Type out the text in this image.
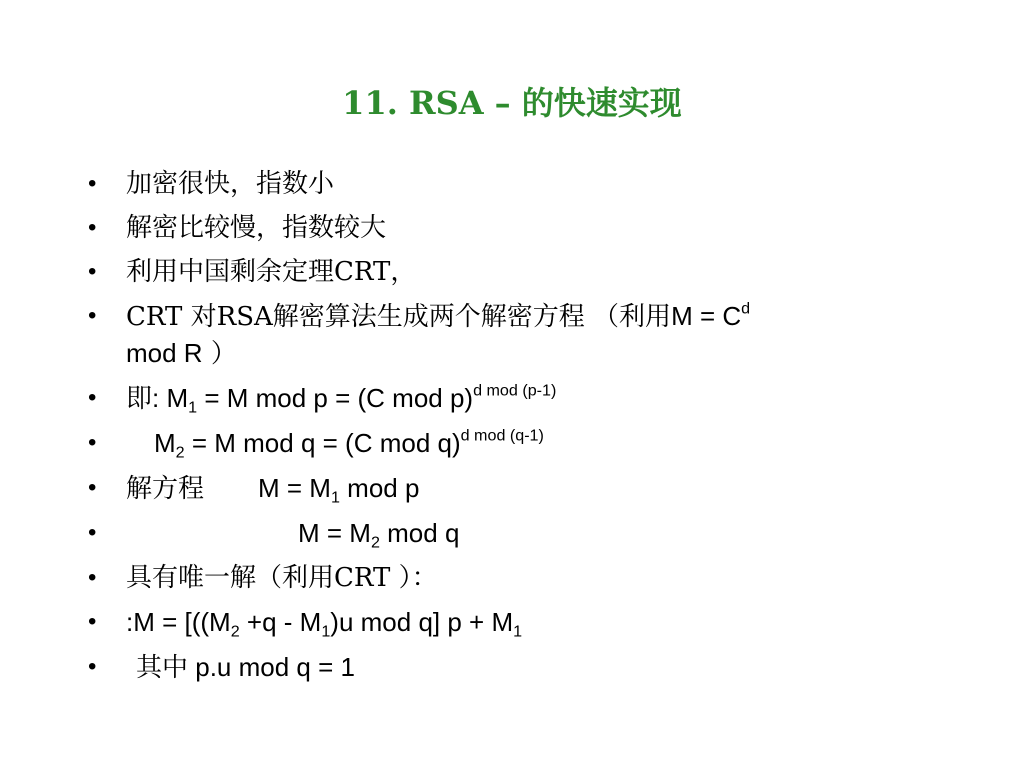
11. RSA – 的快速实现
• 加密很快，指数小
• 解密比较慢，指数较大
• 利用中国剩余定理CRT，
• CRT 对RSA解密算法生成两个解密方程 （利用$M = C^d$
mod R ）
• 即: $M_1 = M$ mod p = (C mod p)$^{d mod (p-1)}$
• $M_2 = M$ mod q = (C mod q)$^{d mod (q-1)}$
• 解方程 $M = M_1$ mod p
•	$M = M_2$ mod q
• 具有唯一解（利用CRT ）：
• :M = [($(M_2 +q - M_1)u$ mod q] $p + M_1$
• 其中 p.u mod q = 1
